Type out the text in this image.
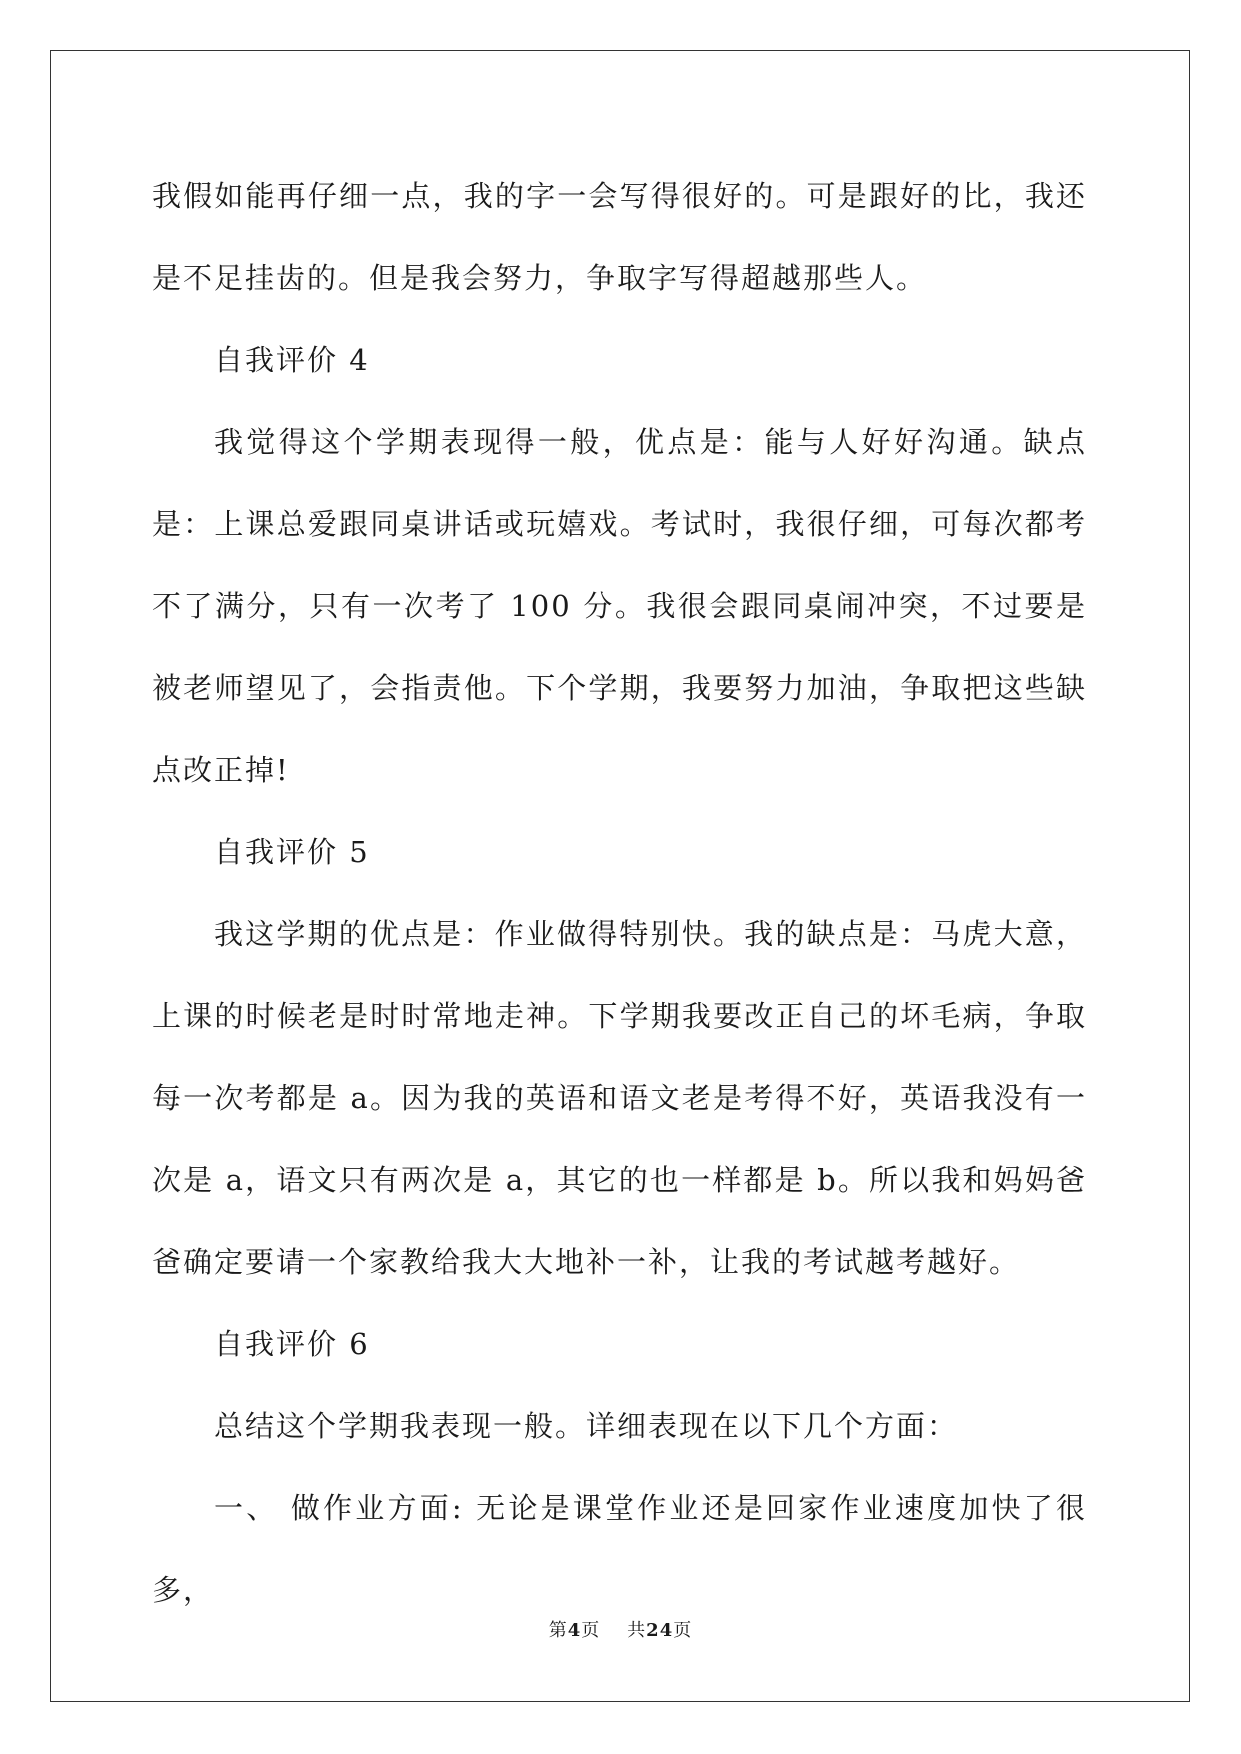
我假如能再仔细一点，我的字一会写得很好的。可是跟好的比，我还是不足挂齿的。但是我会努力，争取字写得超越那些人。

自我评价 4

我觉得这个学期表现得一般，优点是：能与人好好沟通。缺点是：上课总爱跟同桌讲话或玩嬉戏。考试时，我很仔细，可每次都考不了满分，只有一次考了 100 分。我很会跟同桌闹冲突，不过要是被老师望见了，会指责他。下个学期，我要努力加油，争取把这些缺点改正掉!

自我评价 5

我这学期的优点是：作业做得特别快。我的缺点是：马虎大意，上课的时候老是时时常地走神。下学期我要改正自己的坏毛病，争取每一次考都是 a。因为我的英语和语文老是考得不好，英语我没有一次是 a，语文只有两次是 a，其它的也一样都是 b。所以我和妈妈爸爸确定要请一个家教给我大大地补一补，让我的考试越考越好。

自我评价 6

总结这个学期我表现一般。详细表现在以下几个方面：

一、 做作业方面: 无论是课堂作业还是回家作业速度加快了很多，

第4页 共24页
